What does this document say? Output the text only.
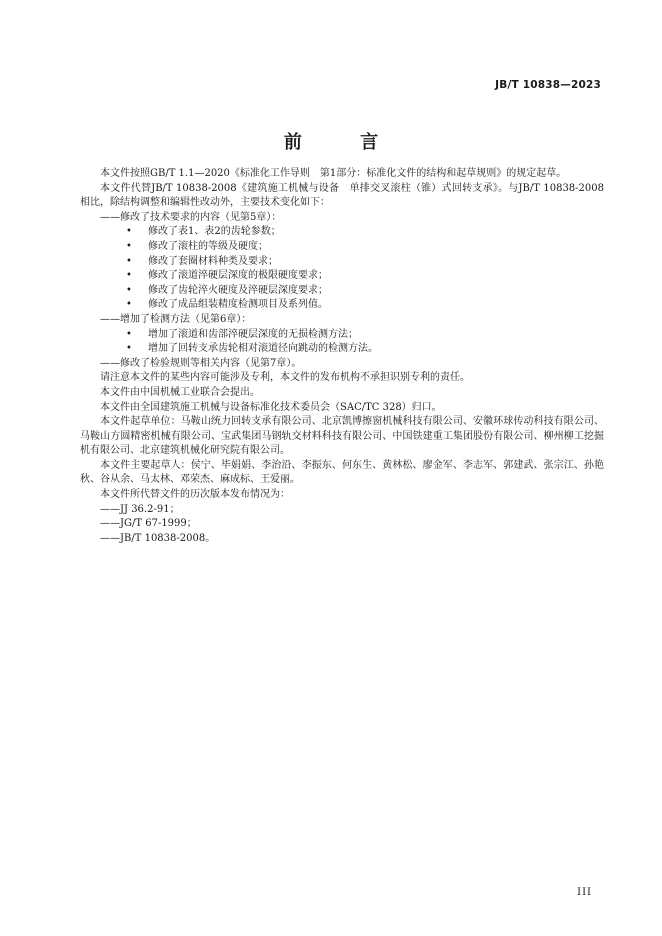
JB/T 10838—2023
前 言

本文件按照GB/T 1.1—2020《标准化工作导则　第1部分：标准化文件的结构和起草规则》的规定起草。

本文件代替JB/T 10838-2008《建筑施工机械与设备　单排交叉滚柱（锥）式回转支承》。与JB/T 10838-2008相比，除结构调整和编辑性改动外，主要技术变化如下：

——修改了技术要求的内容（见第5章）：

• 修改了表1、表2的齿轮参数；

• 修改了滚柱的等级及硬度；

• 修改了套圈材料种类及要求；

• 修改了滚道淬硬层深度的极限硬度要求；

• 修改了齿轮淬火硬度及淬硬层深度要求；

• 修改了成品组装精度检测项目及系列值。

——增加了检测方法（见第6章）：

• 增加了滚道和齿部淬硬层深度的无损检测方法；

• 增加了回转支承齿轮相对滚道径向跳动的检测方法。

——修改了检验规则等相关内容（见第7章）。

请注意本文件的某些内容可能涉及专利，本文件的发布机构不承担识别专利的责任。

本文件由中国机械工业联合会提出。

本文件由全国建筑施工机械与设备标准化技术委员会（SAC/TC 328）归口。

本文件起草单位：马鞍山统力回转支承有限公司、北京凯博擦窗机械科技有限公司、安徽环球传动科技有限公司、马鞍山方圆精密机械有限公司、宝武集团马钢轨交材料科技有限公司、中国铁建重工集团股份有限公司、柳州柳工挖掘机有限公司、北京建筑机械化研究院有限公司。

本文件主要起草人：侯宁、毕娟娟、李治沿、李振东、何东生、黄林松、廖金军、李志军、郭建武、张宗江、孙艳秋、谷从余、马太林、邓荣杰、麻成标、王爱丽。

本文件所代替文件的历次版本发布情况为：

——JJ 36.2-91；

——JG/T 67-1999；

——JB/T 10838-2008。

III
